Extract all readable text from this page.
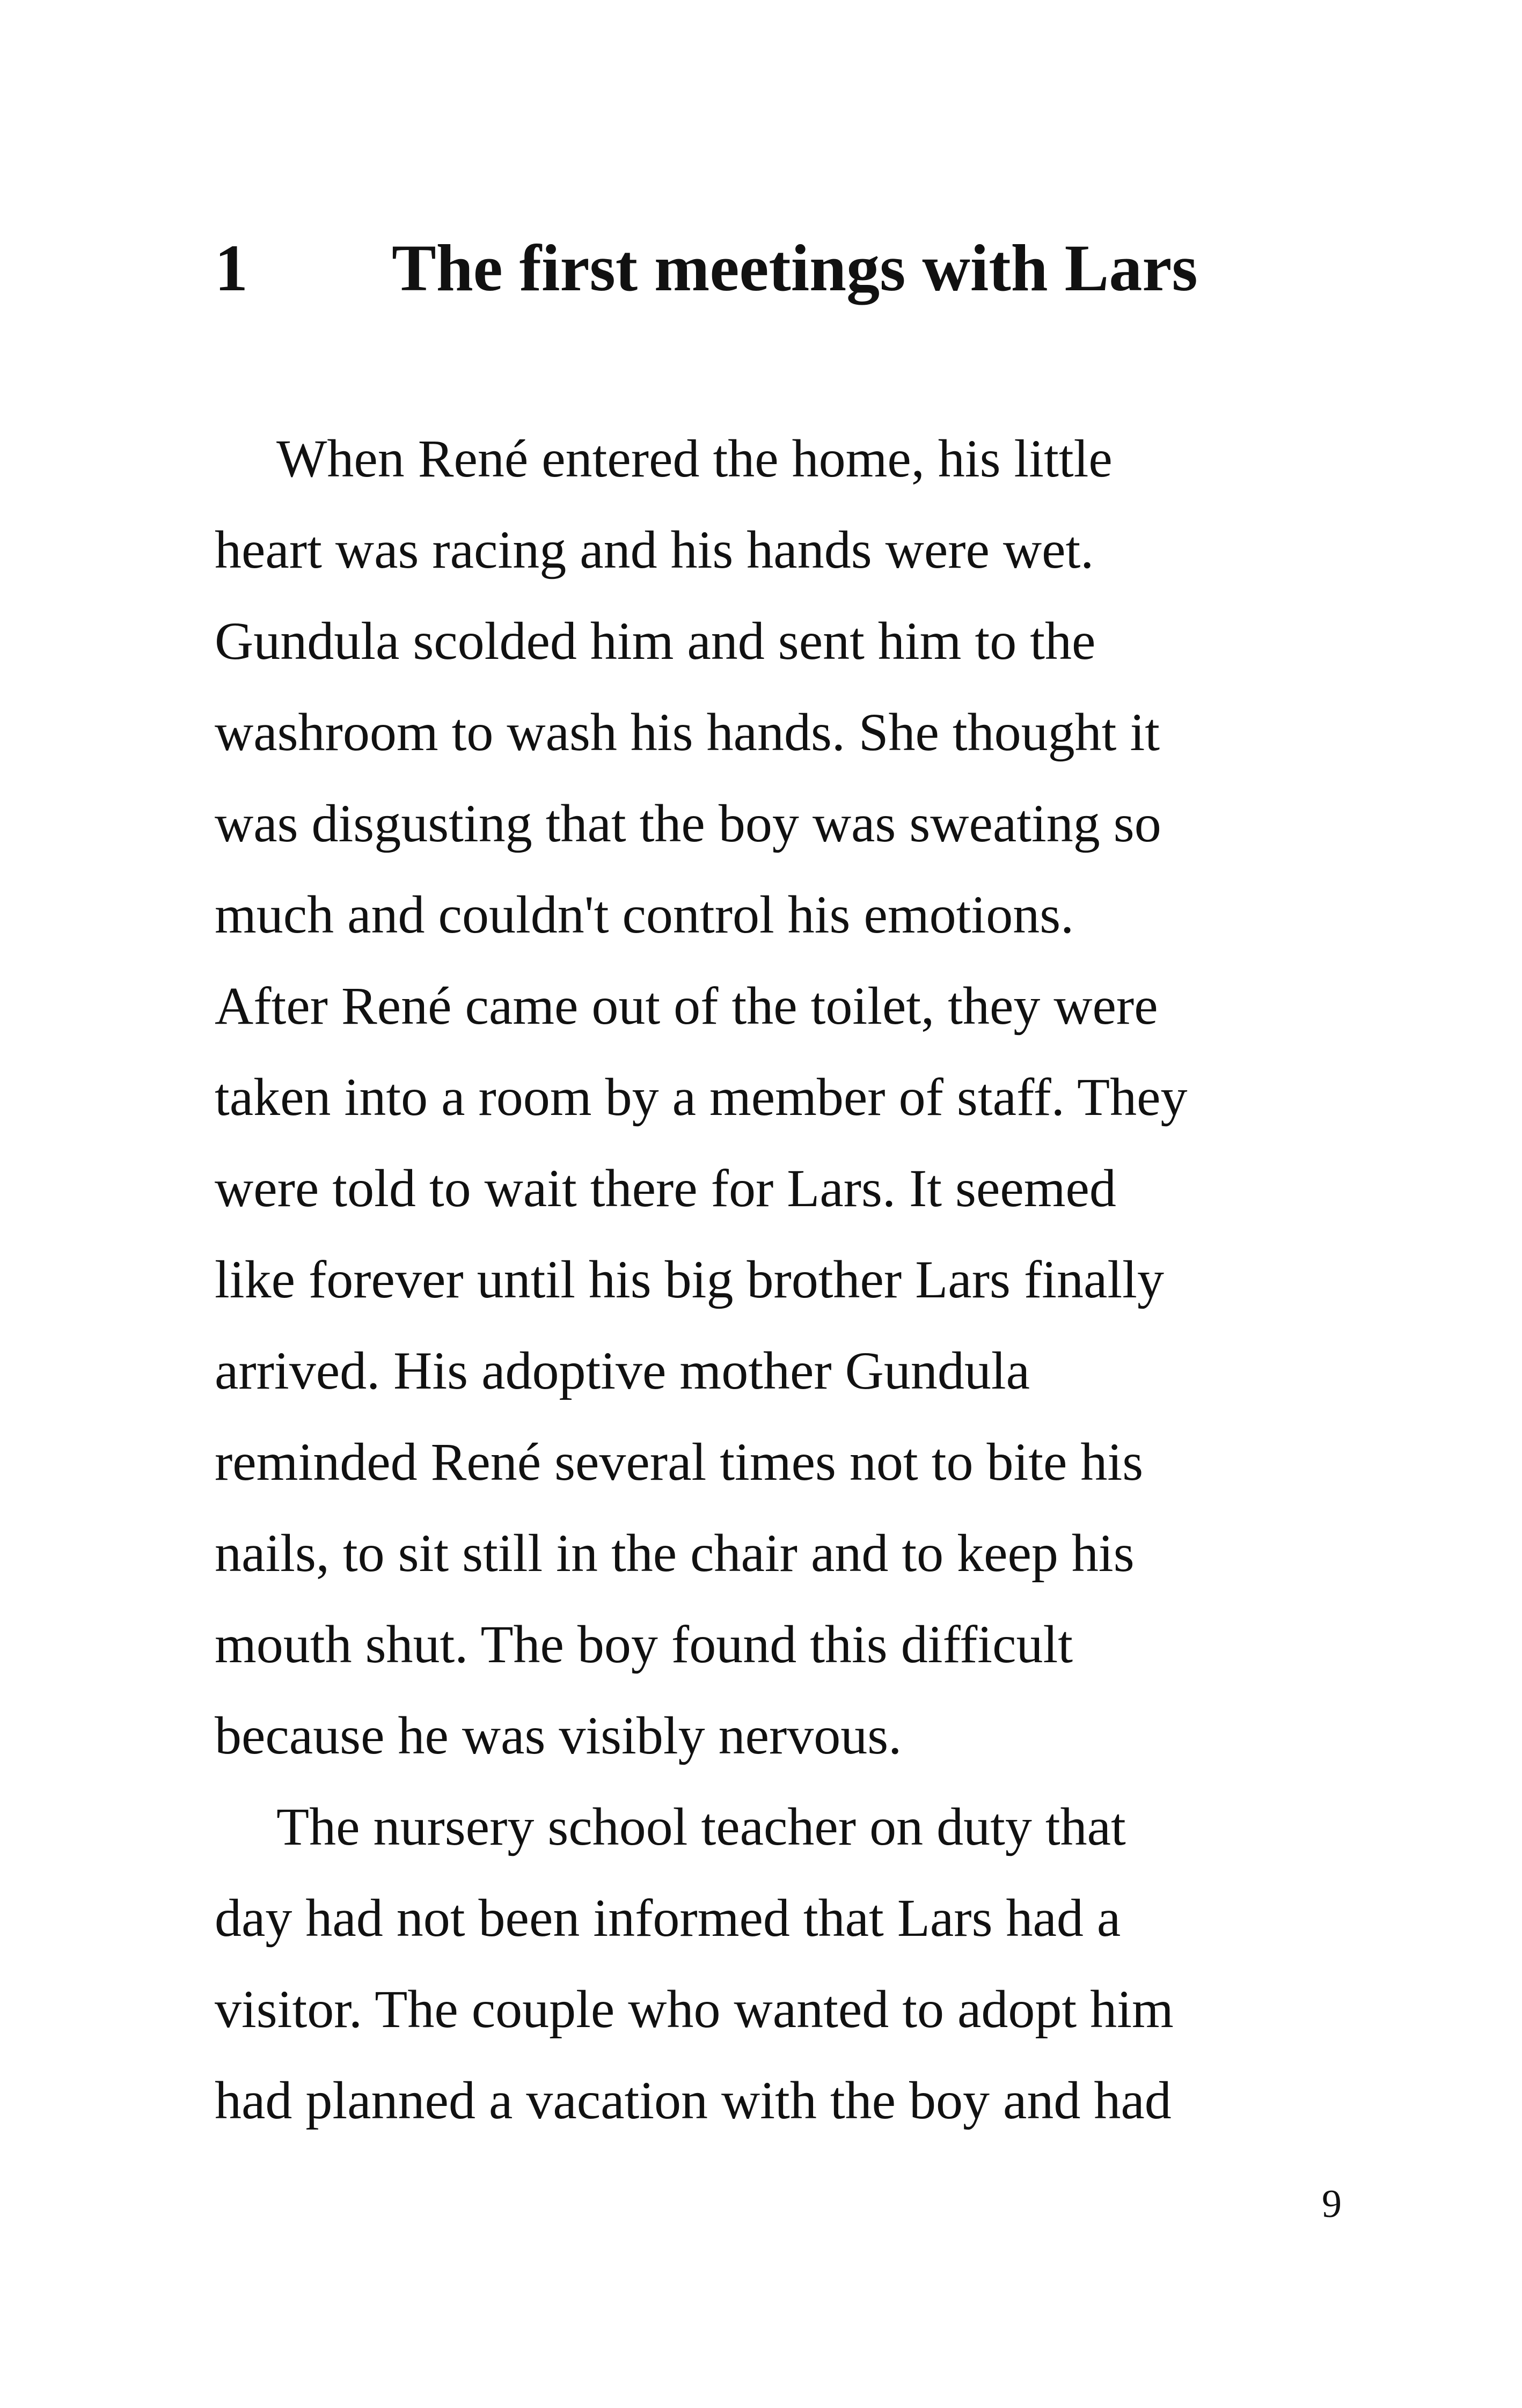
1 The first meetings with Lars
When René entered the home, his little
heart was racing and his hands were wet.
Gundula scolded him and sent him to the
washroom to wash his hands. She thought it
was disgusting that the boy was sweating so
much and couldn't control his emotions.
After René came out of the toilet, they were
taken into a room by a member of staff. They
were told to wait there for Lars. It seemed
like forever until his big brother Lars finally
arrived. His adoptive mother Gundula
reminded René several times not to bite his
nails, to sit still in the chair and to keep his
mouth shut. The boy found this difficult
because he was visibly nervous.
The nursery school teacher on duty that
day had not been informed that Lars had a
visitor. The couple who wanted to adopt him
had planned a vacation with the boy and had
9
